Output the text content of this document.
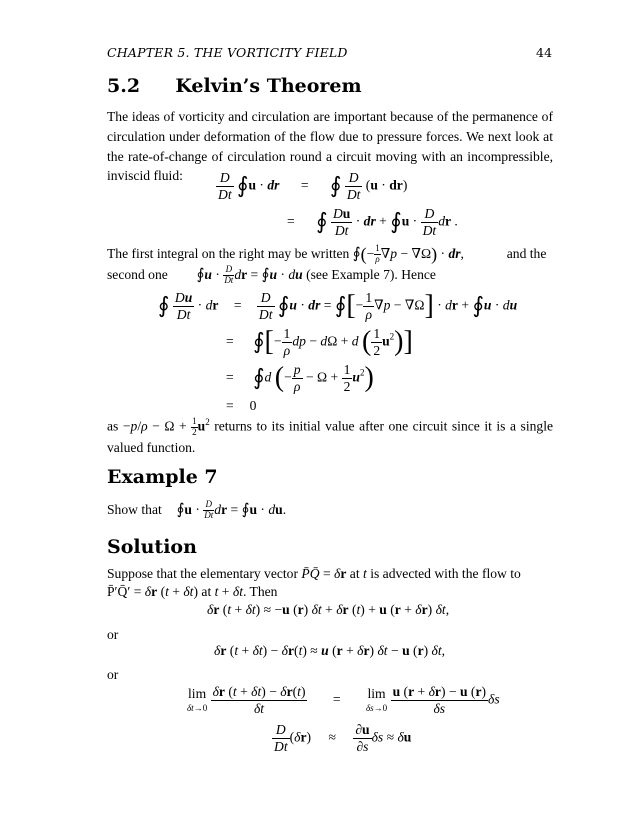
CHAPTER 5. THE VORTICITY FIELD	44
5.2 Kelvin’s Theorem
The ideas of vorticity and circulation are important because of the permanence of circulation under deformation of the flow due to pressure forces. We next look at the rate-of-change of circulation round a circuit moving with an incompressible, inviscid fluid:	$\frac{D}{Dt}$ ∮u · dr = ∮ $\frac{D}{Dt} (u \cdot dr)$
= ∮ $\frac{Du}{Dt}$ · dr + ∮u · $\frac{D}{Dt}$ dr .
The first integral on the right may be written ∮(− $\frac{1}{\rho} \nabla p - \nabla\Omega$) · dr,	and the
second one ∮u · $\frac{D}{Dt}$ dr = ∮u · du (see Example 7). Hence
∮ $\frac{Du}{Dt}$ · dr = $\frac{D}{Dt}$ ∮u · dr = ∮[− $\frac{1}{\rho} \nabla p - \nabla\Omega$] · dr + ∮u · du
= ∮[− $\frac{1}{\rho}$ dp − dΩ + d ( $\frac{1}{2} u^2$)]
= ∮d (− $\frac{p}{\rho} - \Omega + \frac{1}{2} u^2$)
= 0
as $-p/\rho - \Omega + \frac{1}{2} u^2$ returns to its initial value after one circuit since it is a single valued function.
Example 7
Show that ∮u · $\frac{D}{Dt}$ dr = ∮u · du.
Solution
Suppose that the elementary vector P̄Q̄ = δr at t is advected with the flow to
P̄′Q̄′ = δr (t + δt) at t + δt. Then
δr (t + δt) ≈ −u (r) δt + δr (t) + u (r + δr) δt,
or
δr (t + δt) − δr(t) ≈ u (r + δr) δt − u (r) δt,
or
lim
$\delta t\to 0 \frac{\delta r (t + \delta t) - \delta r(t)}{\delta t} = \lim$
$\delta s\to 0 \frac{u (r + \delta r) - u (r)}{\delta s}$ δs
$\frac{D}{Dt} (\delta r) \approx \frac{\partial u}{\partial s}$ δs ≈ δu
